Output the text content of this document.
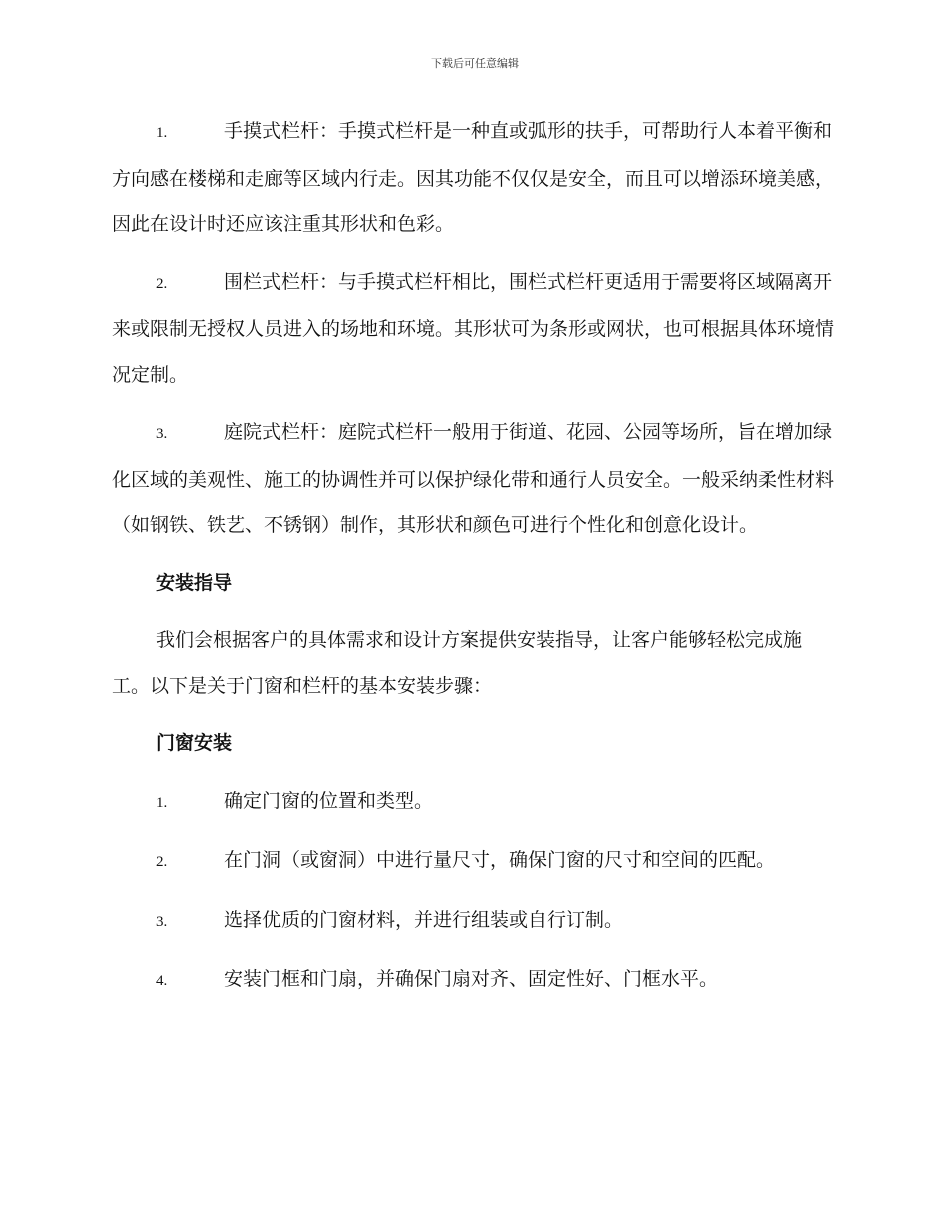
下载后可任意编辑

1.	手摸式栏杆：手摸式栏杆是一种直或弧形的扶手，可帮助行人本着平衡和方向感在楼梯和走廊等区域内行走。因其功能不仅仅是安全，而且可以增添环境美感，因此在设计时还应该注重其形状和色彩。

2.	围栏式栏杆：与手摸式栏杆相比，围栏式栏杆更适用于需要将区域隔离开来或限制无授权人员进入的场地和环境。其形状可为条形或网状，也可根据具体环境情况定制。

3.	庭院式栏杆：庭院式栏杆一般用于街道、花园、公园等场所，旨在增加绿化区域的美观性、施工的协调性并可以保护绿化带和通行人员安全。一般采纳柔性材料（如钢铁、铁艺、不锈钢）制作，其形状和颜色可进行个性化和创意化设计。

安装指导

我们会根据客户的具体需求和设计方案提供安装指导，让客户能够轻松完成施工。以下是关于门窗和栏杆的基本安装步骤：

门窗安装

1.	确定门窗的位置和类型。

2.	在门洞（或窗洞）中进行量尺寸，确保门窗的尺寸和空间的匹配。

3.	选择优质的门窗材料，并进行组装或自行订制。

4.	安装门框和门扇，并确保门扇对齐、固定性好、门框水平。
